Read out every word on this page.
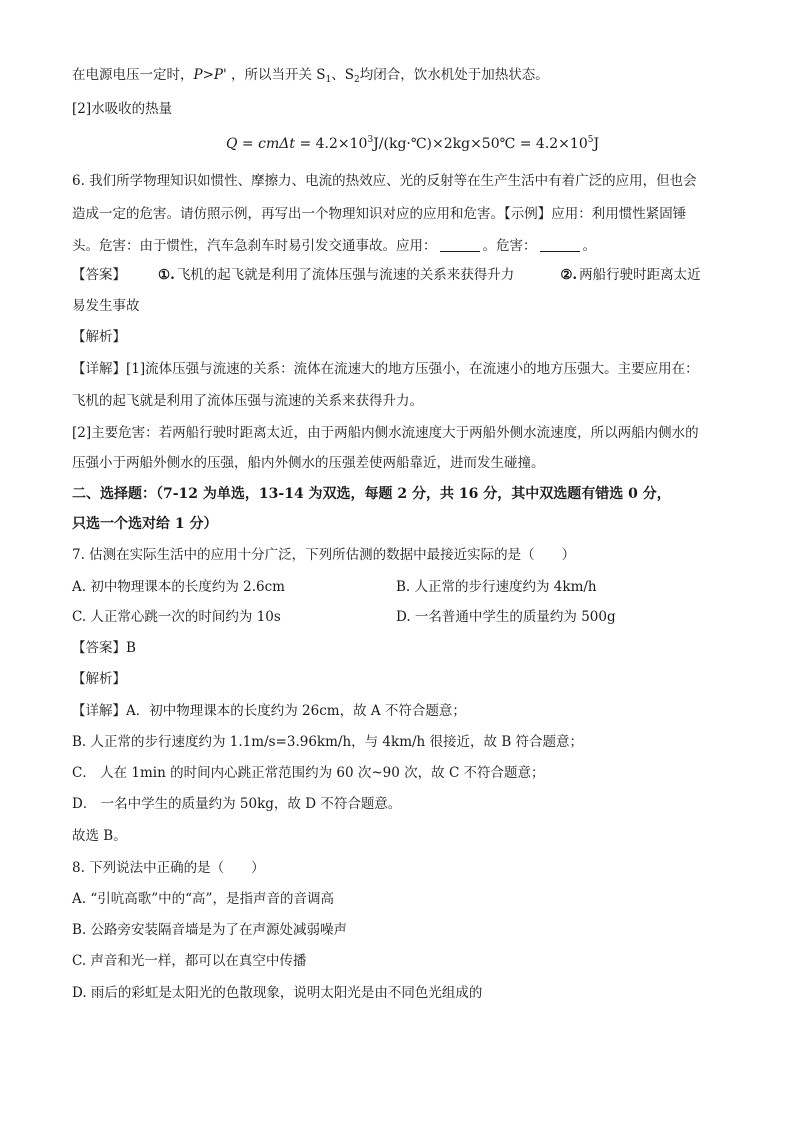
在电源电压一定时，P>P' ，所以当开关 $S_1$、$S_2$均闭合，饮水机处于加热状态。
[2]水吸收的热量
$Q = cm\Delta t = 4.2\times 10^3J/(kg\cdot℃)\times 2kg\times 50℃ = 4.2\times 10^5J$
6. 我们所学物理知识如惯性、摩擦力、电流的热效应、光的反射等在生产生活中有着广泛的应用，但也会
造成一定的危害。请仿照示例，再写出一个物理知识对应的应用和危害。【示例】应用：利用惯性紧固锤
头。危害：由于惯性，汽车急刹车时易引发交通事故。应用：	。危害：	。
【答案】 ①. 飞机的起飞就是利用了流体压强与流速的关系来获得升力	②. 两船行驶时距离太近
易发生事故
【解析】
【详解】[1]流体压强与流速的关系：流体在流速大的地方压强小，在流速小的地方压强大。主要应用在：
飞机的起飞就是利用了流体压强与流速的关系来获得升力。
[2]主要危害：若两船行驶时距离太近，由于两船内侧水流速度大于两船外侧水流速度，所以两船内侧水的
压强小于两船外侧水的压强，船内外侧水的压强差使两船靠近，进而发生碰撞。
二、选择题：（7-12 为单选，13-14 为双选，每题 2 分，共 16 分，其中双选题有错选 0 分，
只选一个选对给 1 分）
7. 估测在实际生活中的应用十分广泛，下列所估测的数据中最接近实际的是（　　）
A. 初中物理课本的长度约为 2.6cm	B. 人正常的步行速度约为 4km/h
C. 人正常心跳一次的时间约为 10s	D. 一名普通中学生的质量约为 500g
【答案】B
【解析】
【详解】A．初中物理课本的长度约为 26cm，故 A 不符合题意；
B. 人正常的步行速度约为 1.1m/s=3.96km/h，与 4km/h 很接近，故 B 符合题意；
C． 人在 1min 的时间内心跳正常范围约为 60 次~90 次，故 C 不符合题意；
D． 一名中学生的质量约为 50kg，故 D 不符合题意。
故选 B。
8. 下列说法中正确的是（　　）
A. “引吭高歌”中的“高”，是指声音的音调高
B. 公路旁安装隔音墙是为了在声源处减弱噪声
C. 声音和光一样，都可以在真空中传播
D. 雨后的彩虹是太阳光的色散现象，说明太阳光是由不同色光组成的
